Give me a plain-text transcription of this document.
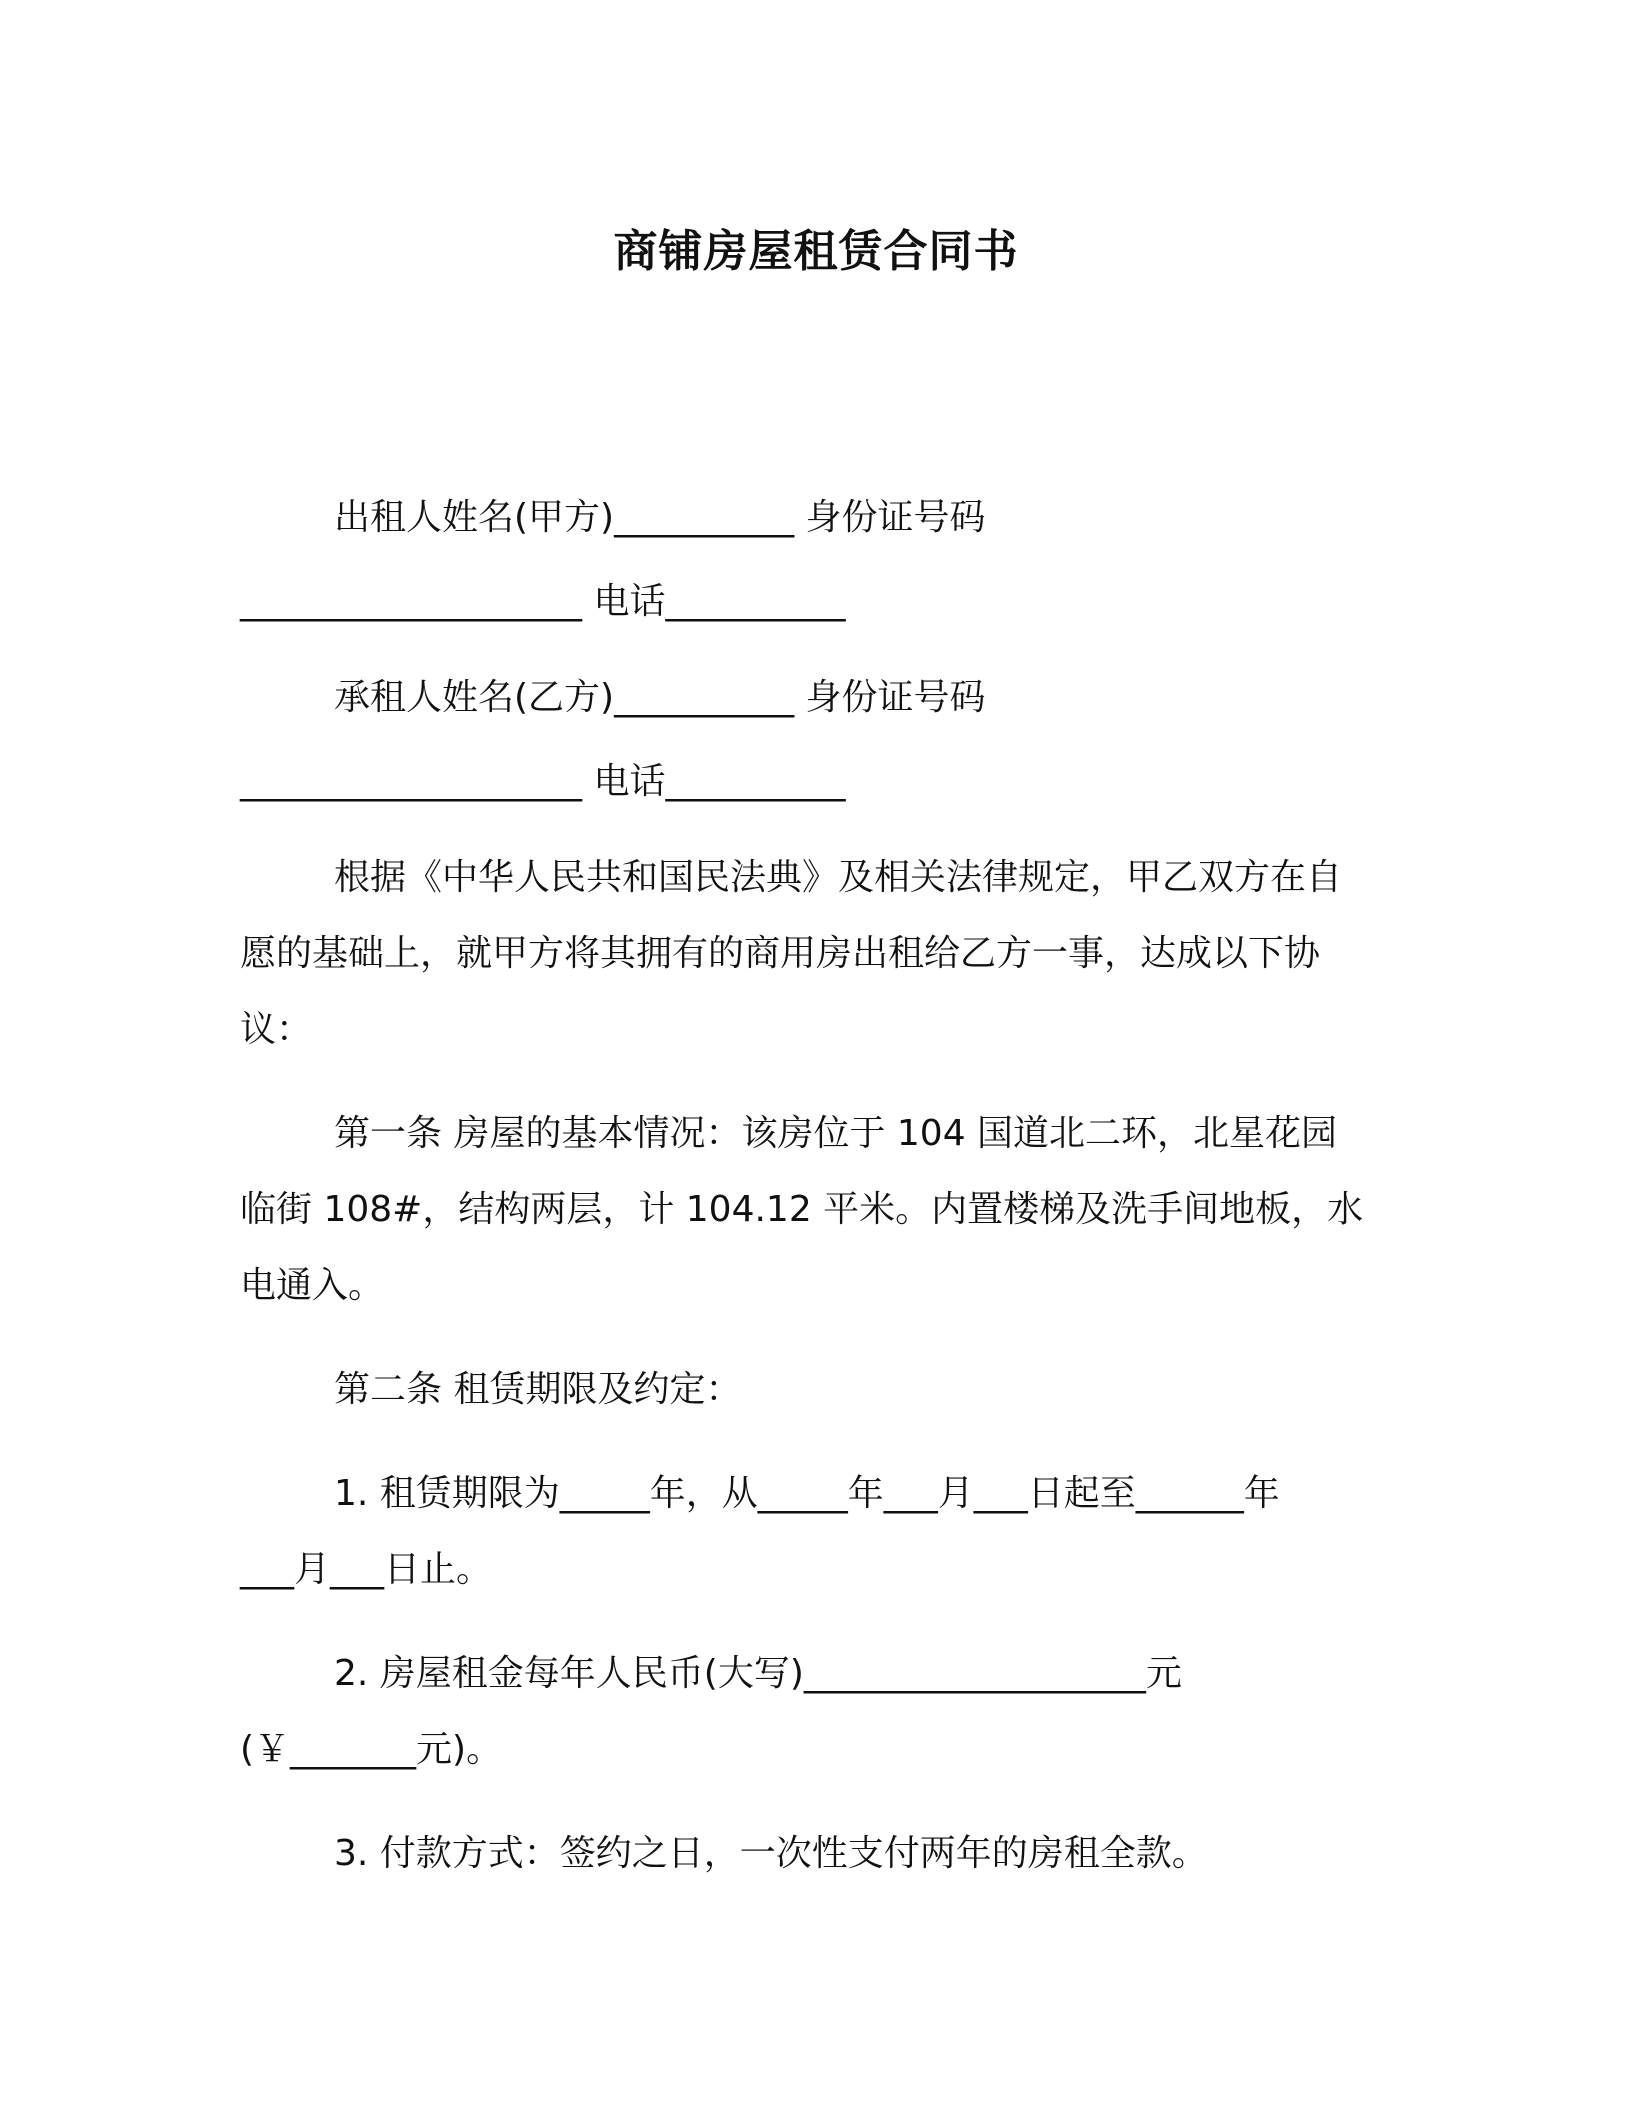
商铺房屋租赁合同书
出租人姓名(甲方)__________ 身份证号码
___________________ 电话__________
承租人姓名(乙方)__________ 身份证号码
___________________ 电话__________
根据《中华人民共和国民法典》及相关法律规定，甲乙双方在自
愿的基础上，就甲方将其拥有的商用房出租给乙方一事，达成以下协
议：
第一条 房屋的基本情况：该房位于 104 国道北二环，北星花园
临街 108#，结构两层，计 104.12 平米。内置楼梯及洗手间地板，水
电通入。
第二条 租赁期限及约定：
1. 租赁期限为_____年，从_____年___月___日起至______年
___月___日止。
2. 房屋租金每年人民币(大写)___________________元
(￥_______元)。
3. 付款方式：签约之日，一次性支付两年的房租全款。
